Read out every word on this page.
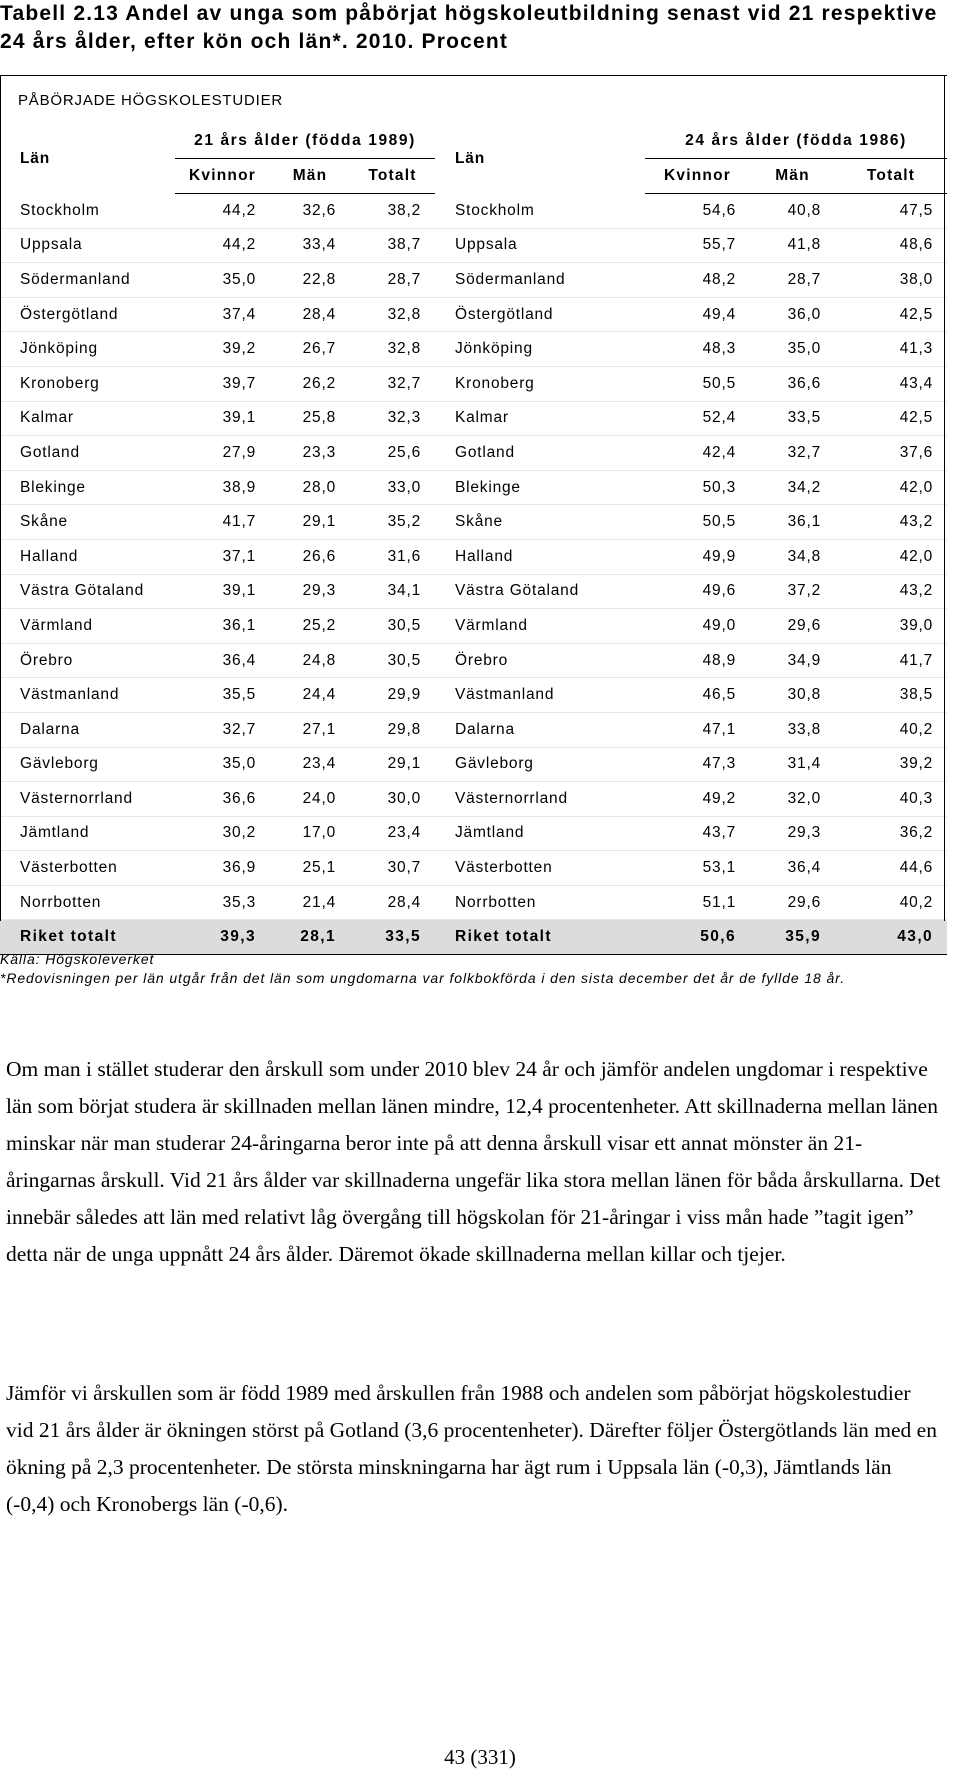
Tabell 2.13 Andel av unga som påbörjat högskoleutbildning senast vid 21 respektive 24 års ålder, efter kön och län*. 2010. Procent
PÅBÖRJADE HÖGSKOLESTUDIER							
Län	21 års ålder (födda 1989)			Län	24 års ålder (födda 1986)		
	Kvinnor	Män	Totalt		Kvinnor	Män	Totalt
Stockholm	44,2	32,6	38,2	Stockholm	54,6	40,8	47,5
Uppsala	44,2	33,4	38,7	Uppsala	55,7	41,8	48,6
Södermanland	35,0	22,8	28,7	Södermanland	48,2	28,7	38,0
Östergötland	37,4	28,4	32,8	Östergötland	49,4	36,0	42,5
Jönköping	39,2	26,7	32,8	Jönköping	48,3	35,0	41,3
Kronoberg	39,7	26,2	32,7	Kronoberg	50,5	36,6	43,4
Kalmar	39,1	25,8	32,3	Kalmar	52,4	33,5	42,5
Gotland	27,9	23,3	25,6	Gotland	42,4	32,7	37,6
Blekinge	38,9	28,0	33,0	Blekinge	50,3	34,2	42,0
Skåne	41,7	29,1	35,2	Skåne	50,5	36,1	43,2
Halland	37,1	26,6	31,6	Halland	49,9	34,8	42,0
Västra Götaland	39,1	29,3	34,1	Västra Götaland	49,6	37,2	43,2
Värmland	36,1	25,2	30,5	Värmland	49,0	29,6	39,0
Örebro	36,4	24,8	30,5	Örebro	48,9	34,9	41,7
Västmanland	35,5	24,4	29,9	Västmanland	46,5	30,8	38,5
Dalarna	32,7	27,1	29,8	Dalarna	47,1	33,8	40,2
Gävleborg	35,0	23,4	29,1	Gävleborg	47,3	31,4	39,2
Västernorrland	36,6	24,0	30,0	Västernorrland	49,2	32,0	40,3
Jämtland	30,2	17,0	23,4	Jämtland	43,7	29,3	36,2
Västerbotten	36,9	25,1	30,7	Västerbotten	53,1	36,4	44,6
Norrbotten	35,3	21,4	28,4	Norrbotten	51,1	29,6	40,2
Riket totalt	39,3	28,1	33,5	Riket totalt	50,6	35,9	43,0
Källa: Högskoleverket
*Redovisningen per län utgår från det län som ungdomarna var folkbokförda i den sista december det år de fyllde 18 år.
Om man i stället studerar den årskull som under 2010 blev 24 år och jämför andelen ungdomar i respektive län som börjat studera är skillnaden mellan länen mindre, 12,4 procentenheter. Att skillnaderna mellan länen minskar när man studerar 24-åringarna beror inte på att denna årskull visar ett annat mönster än 21-åringarnas årskull. Vid 21 års ålder var skillnaderna ungefär lika stora mellan länen för båda årskullarna. Det innebär således att län med relativt låg övergång till högskolan för 21-åringar i viss mån hade ”tagit igen” detta när de unga uppnått 24 års ålder. Däremot ökade skillnaderna mellan killar och tjejer.
Jämför vi årskullen som är född 1989 med årskullen från 1988 och andelen som påbörjat högskolestudier vid 21 års ålder är ökningen störst på Gotland (3,6 procentenheter). Därefter följer Östergötlands län med en ökning på 2,3 procentenheter. De största minskningarna har ägt rum i Uppsala län (-0,3), Jämtlands län (-0,4) och Kronobergs län (-0,6).
43 (331)
